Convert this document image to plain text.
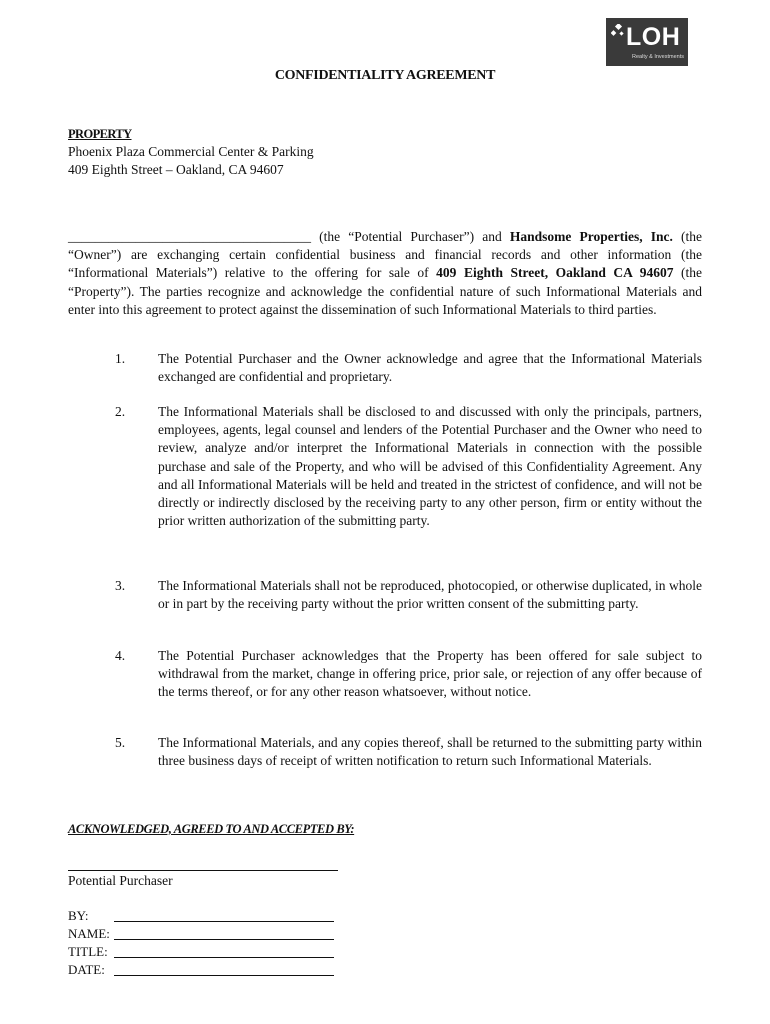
LOH
Realty & Investments
CONFIDENTIALITY AGREEMENT
PROPERTY
Phoenix Plaza Commercial Center & Parking
409 Eighth Street – Oakland, CA 94607
____________________________________ (the “Potential Purchaser”) and Handsome Properties, Inc. (the “Owner”) are exchanging certain confidential business and financial records and other information (the “Informational Materials”) relative to the offering for sale of 409 Eighth Street, Oakland CA 94607 (the “Property”). The parties recognize and acknowledge the confidential nature of such Informational Materials and enter into this agreement to protect against the dissemination of such Informational Materials to third parties.
1. The Potential Purchaser and the Owner acknowledge and agree that the Informational Materials exchanged are confidential and proprietary.
2. The Informational Materials shall be disclosed to and discussed with only the principals, partners, employees, agents, legal counsel and lenders of the Potential Purchaser and the Owner who need to review, analyze and/or interpret the Informational Materials in connection with the possible purchase and sale of the Property, and who will be advised of this Confidentiality Agreement. Any and all Informational Materials will be held and treated in the strictest of confidence, and will not be directly or indirectly disclosed by the receiving party to any other person, firm or entity without the prior written authorization of the submitting party.
3. The Informational Materials shall not be reproduced, photocopied, or otherwise duplicated, in whole or in part by the receiving party without the prior written consent of the submitting party.
4. The Potential Purchaser acknowledges that the Property has been offered for sale subject to withdrawal from the market, change in offering price, prior sale, or rejection of any offer because of the terms thereof, or for any other reason whatsoever, without notice.
5. The Informational Materials, and any copies thereof, shall be returned to the submitting party within three business days of receipt of written notification to return such Informational Materials.
ACKNOWLEDGED, AGREED TO AND ACCEPTED BY:
Potential Purchaser
BY:
NAME:
TITLE:
DATE:
